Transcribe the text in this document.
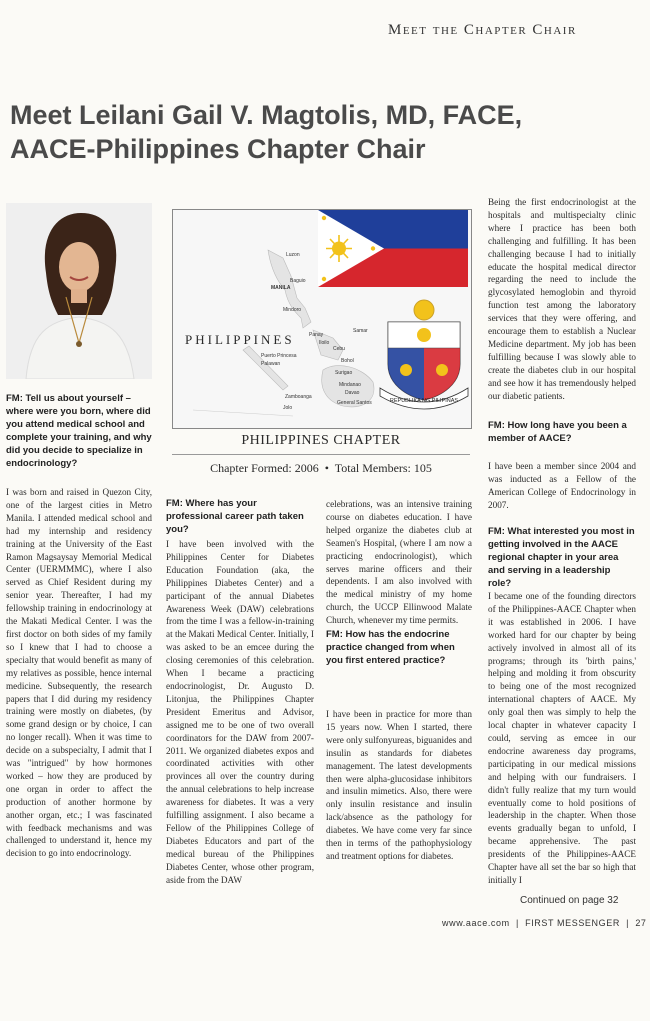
Meet the Chapter Chair
Meet Leilani Gail V. Magtolis, MD, FACE,
AACE-Philippines Chapter Chair
Luzon
Baguio
MANILA
Mindoro
Panay
Iloilo
Cebu
Samar
Bohol
Mindanao
Davao
Surigao
Zamboanga
Jolo
Puerto Princesa
Palawan
General Santos
PHILIPPINES
REPUBLIKA NG PILIPINAS
PHILIPPINES CHAPTER
Chapter Formed: 2006 • Total Members: 105
FM: Tell us about yourself – where were you born, where did you attend medical school and complete your training, and why did you decide to specialize in endocrinology?
I was born and raised in Quezon City, one of the largest cities in Metro Manila. I attended medical school and had my internship and residency training at the University of the East Ramon Magsaysay Memorial Medical Center (UERMMMC), where I also served as Chief Resident during my senior year. Thereafter, I had my fellowship training in endocrinology at the Makati Medical Center. I was the first doctor on both sides of my family so I knew that I had to choose a specialty that would benefit as many of my relatives as possible, hence internal medicine. Subsequently, the research papers that I did during my residency training were mostly on diabetes, (by some grand design or by choice, I can no longer recall). When it was time to decide on a subspecialty, I admit that I was "intrigued" by how hormones worked – how they are produced by one organ in order to affect the production of another hormone by another organ, etc.; I was fascinated with feedback mechanisms and was challenged to understand it, hence my decision to go into endocrinology.
FM: Where has your professional career path taken you?
I have been involved with the Philippines Center for Diabetes Education Foundation (aka, the Philippines Diabetes Center) and a participant of the annual Diabetes Awareness Week (DAW) celebrations from the time I was a fellow-in-training at the Makati Medical Center. Initially, I was asked to be an emcee during the closing ceremonies of this celebration. When I became a practicing endocrinologist, Dr. Augusto D. Litonjua, the Philippines Chapter President Emeritus and Advisor, assigned me to be one of two overall coordinators for the DAW from 2007-2011. We organized diabetes expos and coordinated activities with other provinces all over the country during the annual celebrations to help increase awareness for diabetes. It was a very fulfilling assignment. I also became a Fellow of the Philippines College of Diabetes Educators and part of the medical bureau of the Philippines Diabetes Center, whose other program, aside from the DAW
celebrations, was an intensive training course on diabetes education. I have helped organize the diabetes club at Seamen's Hospital, (where I am now a practicing endocrinologist), which serves marine officers and their dependents. I am also involved with the medical ministry of my home church, the UCCP Ellinwood Malate Church, whenever my time permits.
FM: How has the endocrine practice changed from when you first entered practice?
I have been in practice for more than 15 years now. When I started, there were only sulfonyureas, biguanides and insulin as standards for diabetes management. The latest developments then were alpha-glucosidase inhibitors and insulin mimetics. Also, there were only insulin resistance and insulin lack/absence as the pathology for diabetes. We have come very far since then in terms of the pathophysiology and treatment options for diabetes.
Being the first endocrinologist at the hospitals and multispecialty clinic where I practice has been both challenging and fulfilling. It has been challenging because I had to initially educate the hospital medical director regarding the need to include the glycosylated hemoglobin and thyroid function test among the laboratory services that they were offering, and encourage them to establish a Nuclear Medicine department. My job has been fulfilling because I was slowly able to create the diabetes club in our hospital and see how it has tremendously helped our diabetic patients.
FM: How long have you been a member of AACE?
I have been a member since 2004 and was inducted as a Fellow of the American College of Endocrinology in 2007.
FM: What interested you most in getting involved in the AACE regional chapter in your area and serving in a leadership role?
I became one of the founding directors of the Philippines-AACE Chapter when it was established in 2006. I have worked hard for our chapter by being actively involved in almost all of its programs; through its 'birth pains,' helping and molding it from obscurity to being one of the most recognized international chapters of AACE. My only goal then was simply to help the local chapter in whatever capacity I could, serving as emcee in our endocrine awareness day programs, participating in our medical missions and helping with our fundraisers. I didn't fully realize that my turn would eventually come to hold positions of leadership in the chapter. When those events gradually began to unfold, I became apprehensive. The past presidents of the Philippines-AACE Chapter have all set the bar so high that initially I
Continued on page 32
www.aace.com | FIRST MESSENGER | 27
